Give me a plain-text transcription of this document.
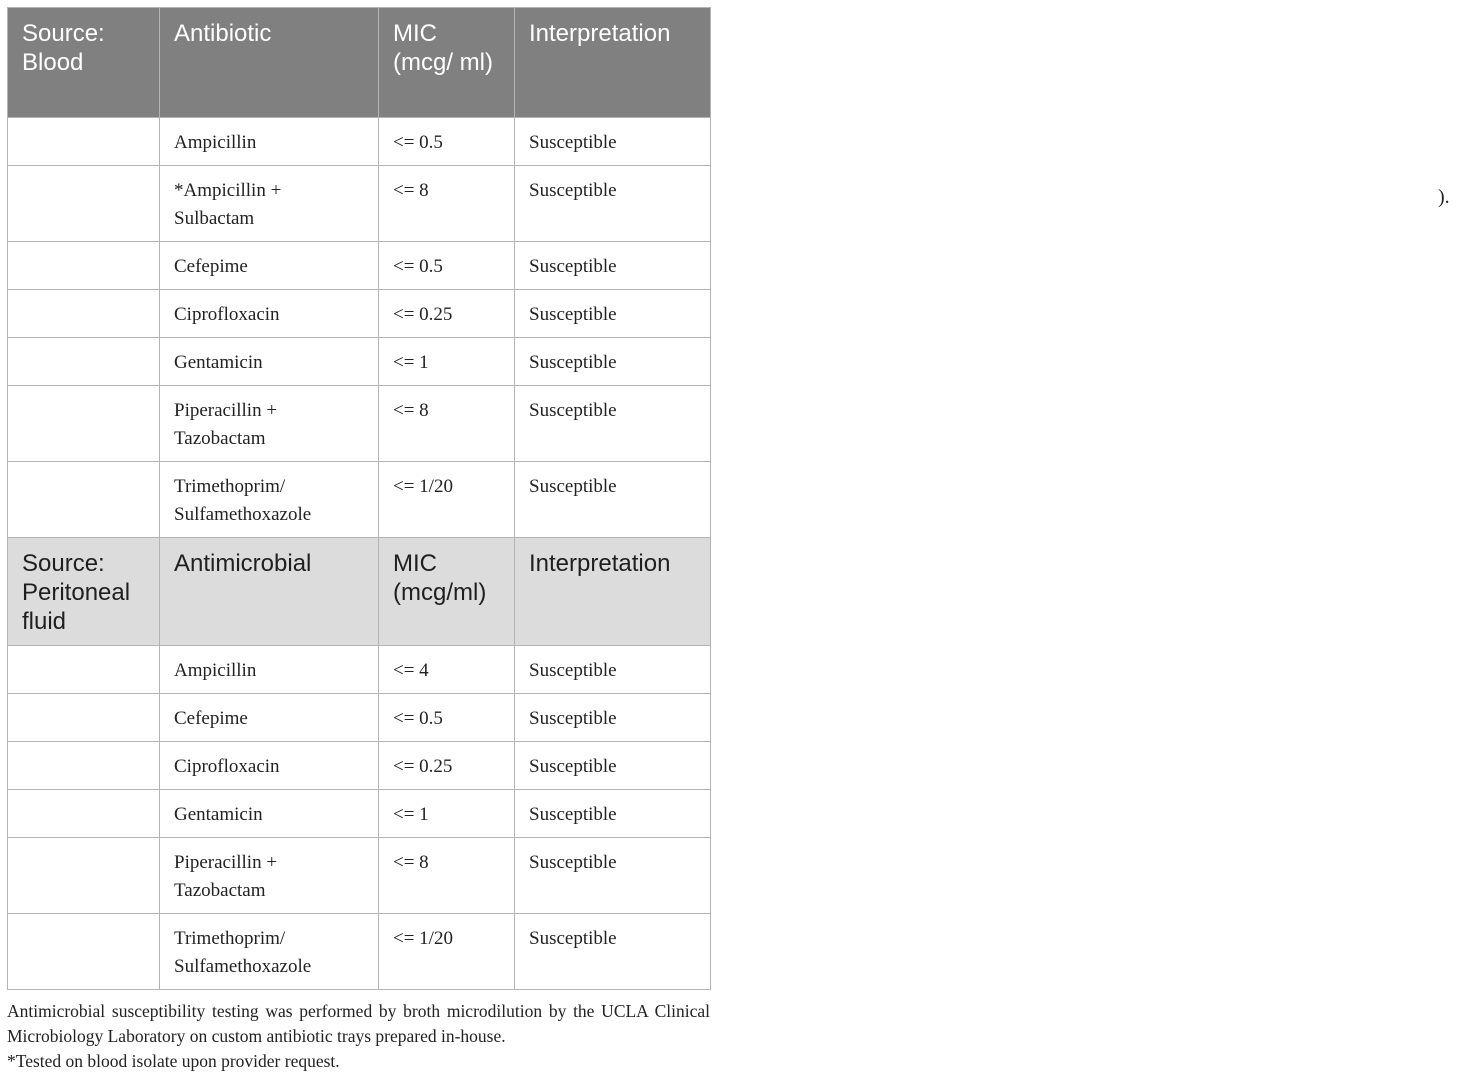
Source: Blood	Antibiotic	MIC (mcg/ ml)	Interpretation
	Ampicillin	<= 0.5	Susceptible
	*Ampicillin + Sulbactam	<= 8	Susceptible
	Cefepime	<= 0.5	Susceptible
	Ciprofloxacin	<= 0.25	Susceptible
	Gentamicin	<= 1	Susceptible
	Piperacillin + Tazobactam	<= 8	Susceptible
	Trimethoprim/ Sulfamethoxazole	<= 1/20	Susceptible
Source: Peritoneal fluid	Antimicrobial	MIC (mcg/ml)	Interpretation
	Ampicillin	<= 4	Susceptible
	Cefepime	<= 0.5	Susceptible
	Ciprofloxacin	<= 0.25	Susceptible
	Gentamicin	<= 1	Susceptible
	Piperacillin + Tazobactam	<= 8	Susceptible
	Trimethoprim/ Sulfamethoxazole	<= 1/20	Susceptible

Antimicrobial susceptibility testing was performed by broth microdilution by the UCLA Clinical Microbiology Laboratory on custom antibiotic trays prepared in-house.

*Tested on blood isolate upon provider request.

).
